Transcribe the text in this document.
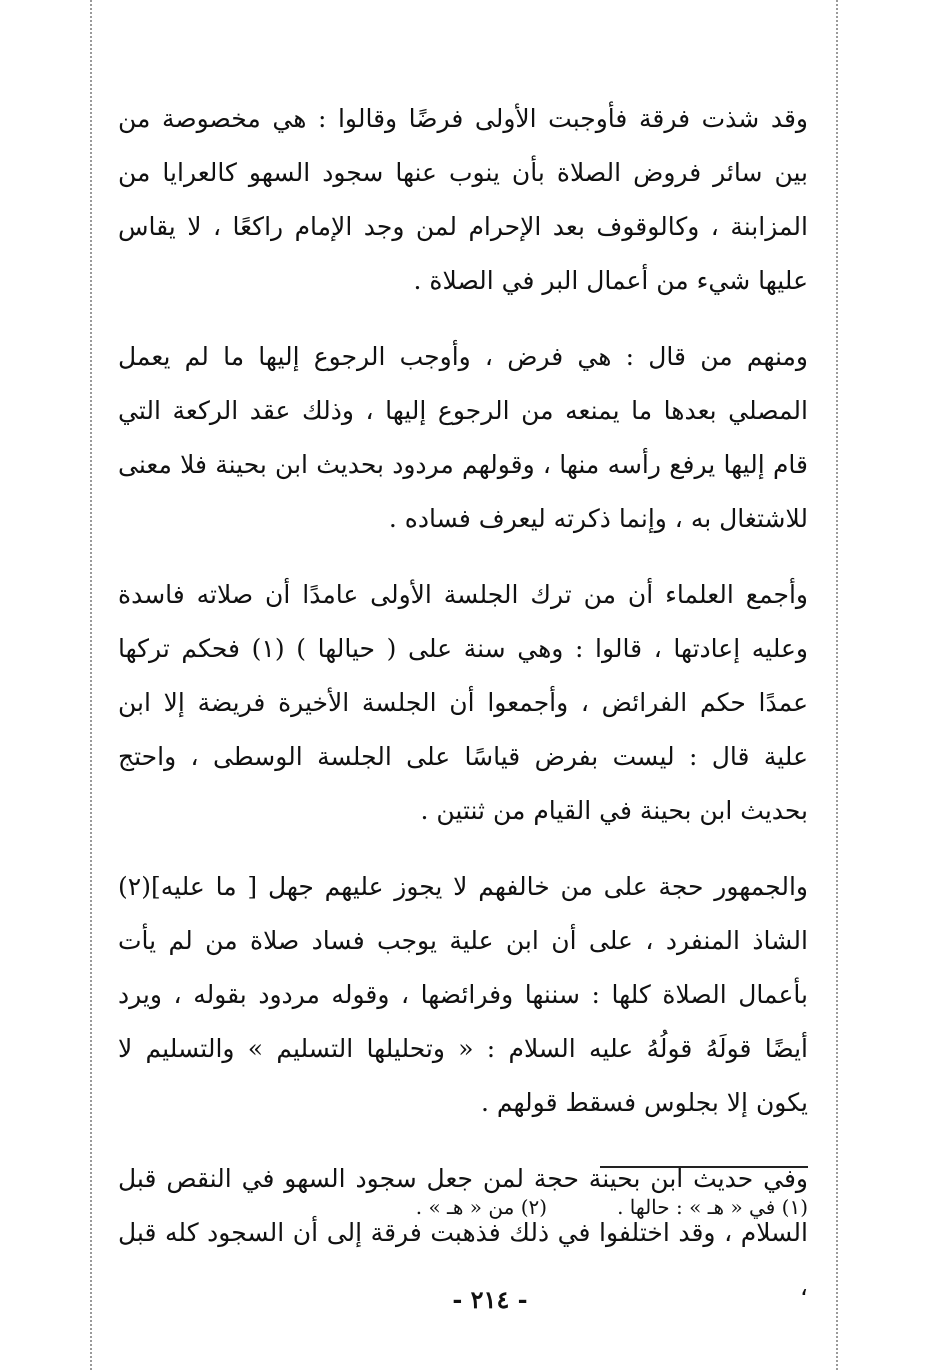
وقد شذت فرقة فأوجبت الأولى فرضًا وقالوا : هي مخصوصة من بين سائر فروض الصلاة بأن ينوب عنها سجود السهو كالعرايا من المزابنة ، وكالوقوف بعد الإحرام لمن وجد الإمام راكعًا ، لا يقاس عليها شيء من أعمال البر في الصلاة .

ومنهم من قال : هي فرض ، وأوجب الرجوع إليها ما لم يعمل المصلي بعدها ما يمنعه من الرجوع إليها ، وذلك عقد الركعة التي قام إليها يرفع رأسه منها ، وقولهم مردود بحديث ابن بحينة فلا معنى للاشتغال به ، وإنما ذكرته ليعرف فساده .

وأجمع العلماء أن من ترك الجلسة الأولى عامدًا أن صلاته فاسدة وعليه إعادتها ، قالوا : وهي سنة على ( حيالها ) (١) فحكم تركها عمدًا حكم الفرائض ، وأجمعوا أن الجلسة الأخيرة فريضة إلا ابن علية قال : ليست بفرض قياسًا على الجلسة الوسطى ، واحتج بحديث ابن بحينة في القيام من ثنتين .

والجمهور حجة على من خالفهم لا يجوز عليهم جهل [ ما عليه](٢) الشاذ المنفرد ، على أن ابن علية يوجب فساد صلاة من لم يأت بأعمال الصلاة كلها : سننها وفرائضها ، وقوله مردود بقوله ، ويرد أيضًا قولَهُ قولُهُ عليه السلام : « وتحليلها التسليم » والتسليم لا يكون إلا بجلوس فسقط قولهم .

وفي حديث ابن بحينة حجة لمن جعل سجود السهو في النقص قبل السلام ، وقد اختلفوا في ذلك فذهبت فرقة إلى أن السجود كله قبل ،

(١) في « هـ » : حالها .
(٢) من « هـ » .
- ٢١٤ -
